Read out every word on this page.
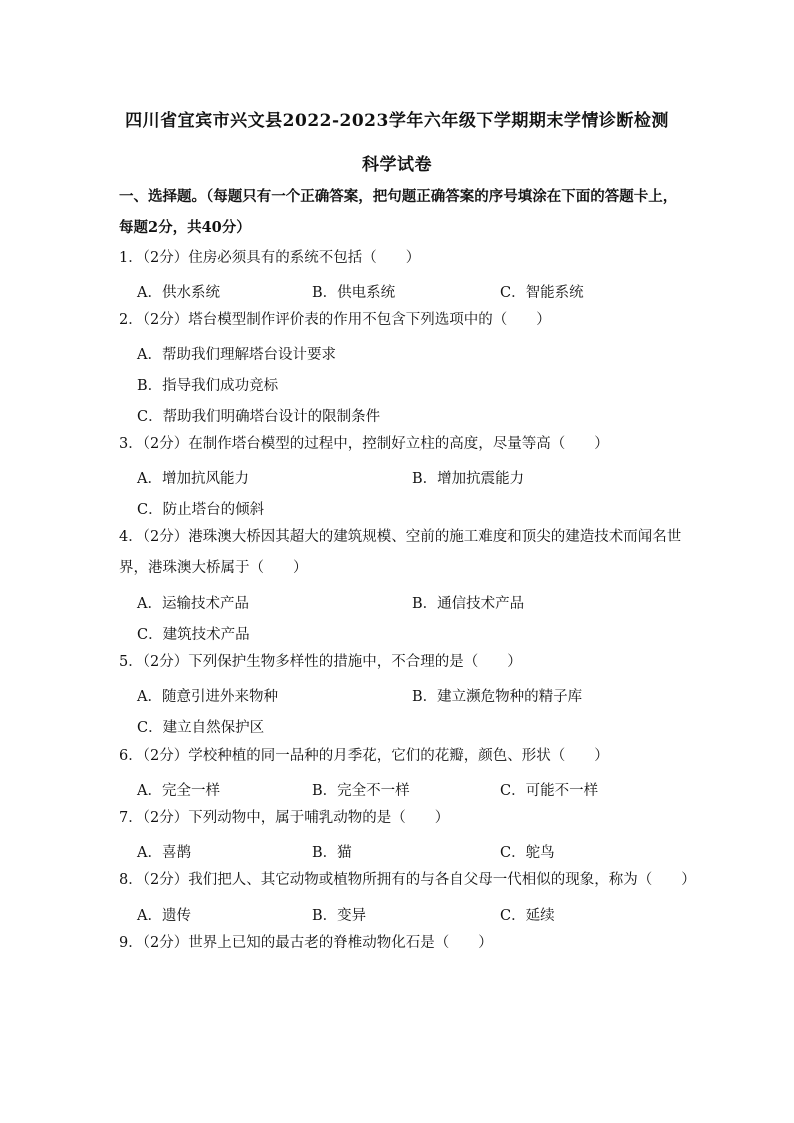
四川省宜宾市兴文县2022-2023学年六年级下学期期末学情诊断检测
科学试卷
一、选择题。（每题只有一个正确答案，把句题正确答案的序号填涂在下面的答题卡上，
每题2分，共40分）
1．（2分）住房必须具有的系统不包括（　　）
A．供水系统	B．供电系统	C．智能系统
2．（2分）塔台模型制作评价表的作用不包含下列选项中的（　　）
A．帮助我们理解塔台设计要求
B．指导我们成功竞标
C．帮助我们明确塔台设计的限制条件
3．（2分）在制作塔台模型的过程中，控制好立柱的高度，尽量等高（　　）
A．增加抗风能力	B．增加抗震能力
C．防止塔台的倾斜
4．（2分）港珠澳大桥因其超大的建筑规模、空前的施工难度和顶尖的建造技术而闻名世
界，港珠澳大桥属于（　　）
A．运输技术产品	B．通信技术产品
C．建筑技术产品
5．（2分）下列保护生物多样性的措施中，不合理的是（　　）
A．随意引进外来物种	B．建立濒危物种的精子库
C．建立自然保护区
6．（2分）学校种植的同一品种的月季花，它们的花瓣，颜色、形状（　　）
A．完全一样	B．完全不一样	C．可能不一样
7．（2分）下列动物中，属于哺乳动物的是（　　）
A．喜鹊	B．猫	C．鸵鸟
8．（2分）我们把人、其它动物或植物所拥有的与各自父母一代相似的现象，称为（　　）
A．遗传	B．变异	C．延续
9．（2分）世界上已知的最古老的脊椎动物化石是（　　）
